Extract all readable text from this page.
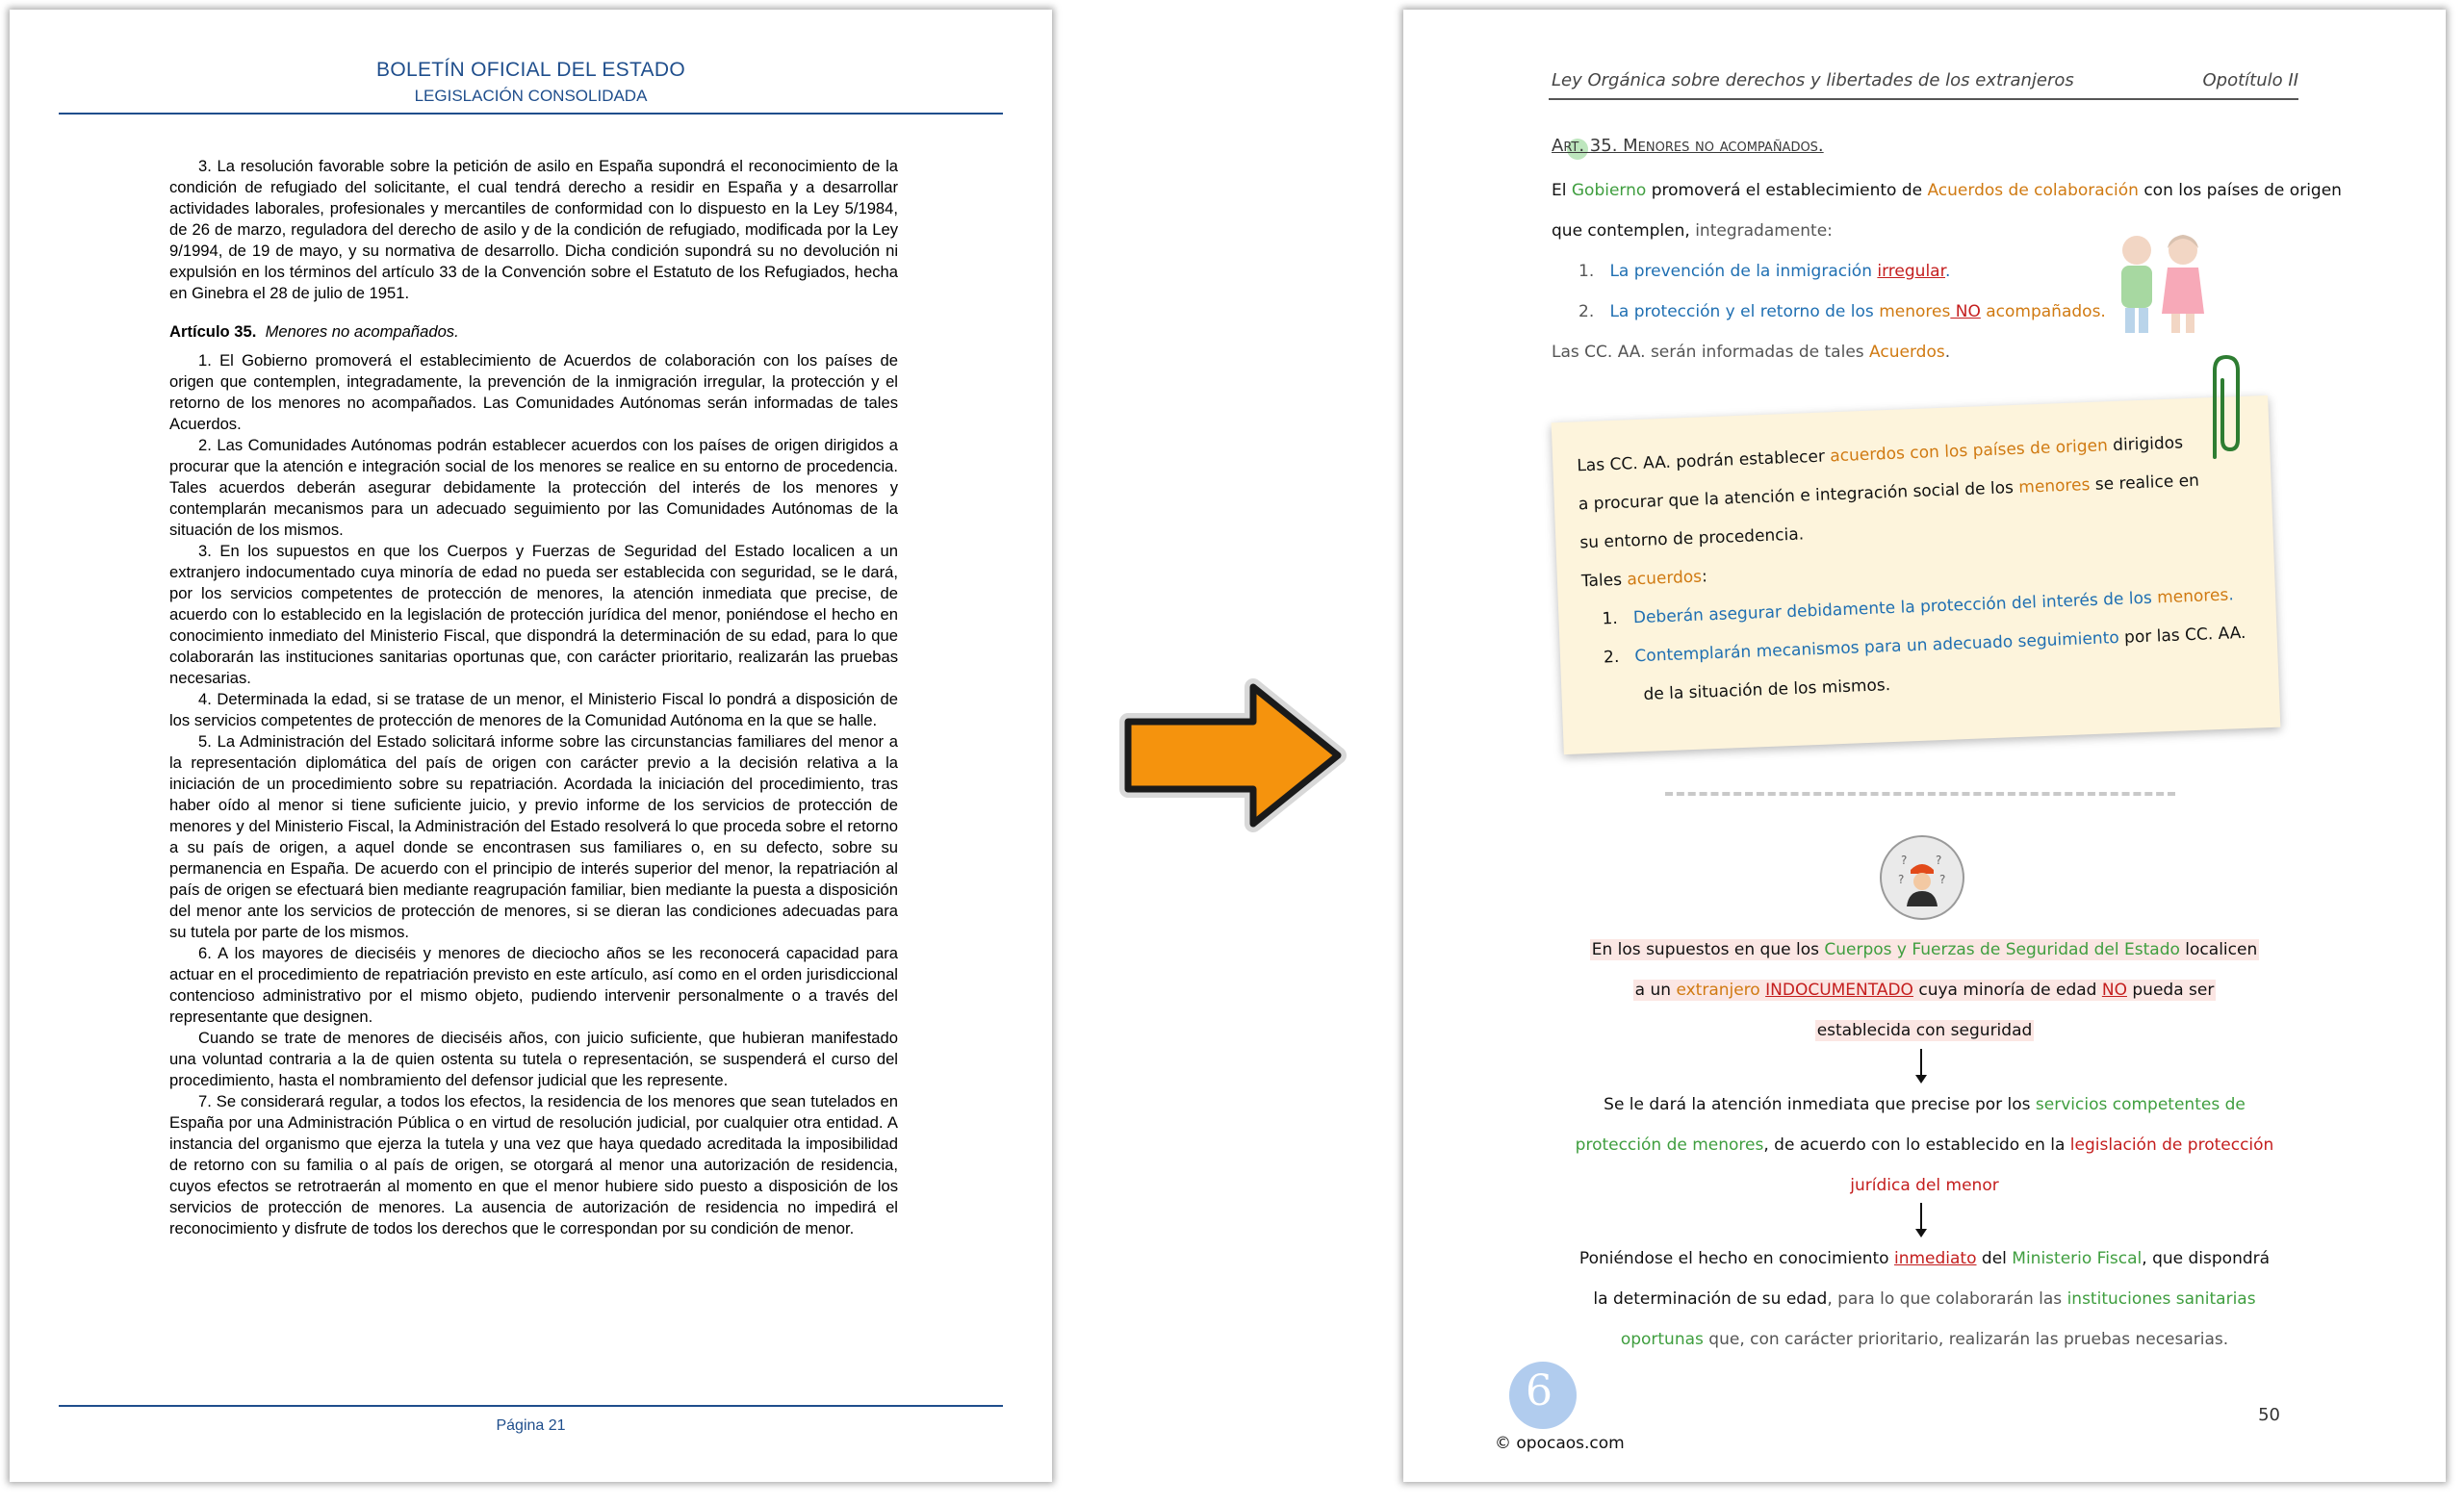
BOLETÍN OFICIAL DEL ESTADO
LEGISLACIÓN CONSOLIDADA

3. La resolución favorable sobre la petición de asilo en España supondrá el reconocimiento de la condición de refugiado del solicitante, el cual tendrá derecho a residir en España y a desarrollar actividades laborales, profesionales y mercantiles de conformidad con lo dispuesto en la Ley 5/1984, de 26 de marzo, reguladora del derecho de asilo y de la condición de refugiado, modificada por la Ley 9/1994, de 19 de mayo, y su normativa de desarrollo. Dicha condición supondrá su no devolución ni expulsión en los términos del artículo 33 de la Convención sobre el Estatuto de los Refugiados, hecha en Ginebra el 28 de julio de 1951.

Artículo 35. Menores no acompañados.

1. El Gobierno promoverá el establecimiento de Acuerdos de colaboración con los países de origen que contemplen, integradamente, la prevención de la inmigración irregular, la protección y el retorno de los menores no acompañados. Las Comunidades Autónomas serán informadas de tales Acuerdos.

2. Las Comunidades Autónomas podrán establecer acuerdos con los países de origen dirigidos a procurar que la atención e integración social de los menores se realice en su entorno de procedencia. Tales acuerdos deberán asegurar debidamente la protección del interés de los menores y contemplarán mecanismos para un adecuado seguimiento por las Comunidades Autónomas de la situación de los mismos.

3. En los supuestos en que los Cuerpos y Fuerzas de Seguridad del Estado localicen a un extranjero indocumentado cuya minoría de edad no pueda ser establecida con seguridad, se le dará, por los servicios competentes de protección de menores, la atención inmediata que precise, de acuerdo con lo establecido en la legislación de protección jurídica del menor, poniéndose el hecho en conocimiento inmediato del Ministerio Fiscal, que dispondrá la determinación de su edad, para lo que colaborarán las instituciones sanitarias oportunas que, con carácter prioritario, realizarán las pruebas necesarias.

4. Determinada la edad, si se tratase de un menor, el Ministerio Fiscal lo pondrá a disposición de los servicios competentes de protección de menores de la Comunidad Autónoma en la que se halle.

5. La Administración del Estado solicitará informe sobre las circunstancias familiares del menor a la representación diplomática del país de origen con carácter previo a la decisión relativa a la iniciación de un procedimiento sobre su repatriación. Acordada la iniciación del procedimiento, tras haber oído al menor si tiene suficiente juicio, y previo informe de los servicios de protección de menores y del Ministerio Fiscal, la Administración del Estado resolverá lo que proceda sobre el retorno a su país de origen, a aquel donde se encontrasen sus familiares o, en su defecto, sobre su permanencia en España. De acuerdo con el principio de interés superior del menor, la repatriación al país de origen se efectuará bien mediante reagrupación familiar, bien mediante la puesta a disposición del menor ante los servicios de protección de menores, si se dieran las condiciones adecuadas para su tutela por parte de los mismos.

6. A los mayores de dieciséis y menores de dieciocho años se les reconocerá capacidad para actuar en el procedimiento de repatriación previsto en este artículo, así como en el orden jurisdiccional contencioso administrativo por el mismo objeto, pudiendo intervenir personalmente o a través del representante que designen.

Cuando se trate de menores de dieciséis años, con juicio suficiente, que hubieran manifestado una voluntad contraria a la de quien ostenta su tutela o representación, se suspenderá el curso del procedimiento, hasta el nombramiento del defensor judicial que les represente.

7. Se considerará regular, a todos los efectos, la residencia de los menores que sean tutelados en España por una Administración Pública o en virtud de resolución judicial, por cualquier otra entidad. A instancia del organismo que ejerza la tutela y una vez que haya quedado acreditada la imposibilidad de retorno con su familia o al país de origen, se otorgará al menor una autorización de residencia, cuyos efectos se retrotraerán al momento en que el menor hubiere sido puesto a disposición de los servicios de protección de menores. La ausencia de autorización de residencia no impedirá el reconocimiento y disfrute de todos los derechos que le correspondan por su condición de menor.

Página 21
Ley Orgánica sobre derechos y libertades de los extranjeros	Opotítulo II
Art. 35. Menores no acompañados.
El Gobierno promoverá el establecimiento de Acuerdos de colaboración con los países de origen
que contemplen, integradamente:
1. La prevención de la inmigración irregular.
2. La protección y el retorno de los menores NO acompañados.
Las CC. AA. serán informadas de tales Acuerdos.
Las CC. AA. podrán establecer acuerdos con los países de origen dirigidos
a procurar que la atención e integración social de los menores se realice en
su entorno de procedencia.
Tales acuerdos:
1. Deberán asegurar debidamente la protección del interés de los menores.
2. Contemplarán mecanismos para un adecuado seguimiento por las CC. AA.
de la situación de los mismos.
? ?
?	?
En los supuestos en que los Cuerpos y Fuerzas de Seguridad del Estado localicen
a un extranjero INDOCUMENTADO cuya minoría de edad NO pueda ser
establecida con seguridad
Se le dará la atención inmediata que precise por los servicios competentes de
protección de menores, de acuerdo con lo establecido en la legislación de protección
jurídica del menor
Poniéndose el hecho en conocimiento inmediato del Ministerio Fiscal, que dispondrá
la determinación de su edad, para lo que colaborarán las instituciones sanitarias
oportunas que, con carácter prioritario, realizarán las pruebas necesarias.
6
© opocaos.com
50
